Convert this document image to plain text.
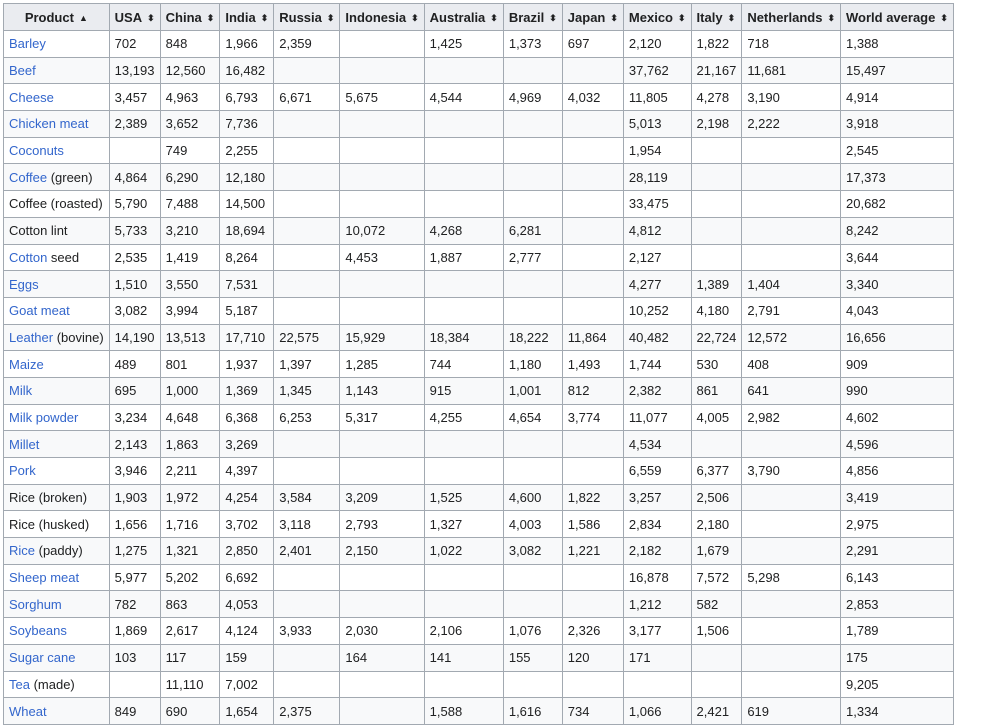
Product ▲	USA ⬍	China ⬍	India ⬍	Russia ⬍	Indonesia ⬍	Australia ⬍	Brazil ⬍	Japan ⬍	Mexico ⬍	Italy ⬍	Netherlands ⬍	World average ⬍
Barley	702	848	1,966	2,359		1,425	1,373	697	2,120	1,822	718	1,388
Beef	13,193	12,560	16,482						37,762	21,167	11,681	15,497
Cheese	3,457	4,963	6,793	6,671	5,675	4,544	4,969	4,032	11,805	4,278	3,190	4,914
Chicken meat	2,389	3,652	7,736						5,013	2,198	2,222	3,918
Coconuts		749	2,255						1,954			2,545
Coffee (green)	4,864	6,290	12,180						28,119			17,373
Coffee (roasted)	5,790	7,488	14,500						33,475			20,682
Cotton lint	5,733	3,210	18,694		10,072	4,268	6,281		4,812			8,242
Cotton seed	2,535	1,419	8,264		4,453	1,887	2,777		2,127			3,644
Eggs	1,510	3,550	7,531						4,277	1,389	1,404	3,340
Goat meat	3,082	3,994	5,187						10,252	4,180	2,791	4,043
Leather (bovine)	14,190	13,513	17,710	22,575	15,929	18,384	18,222	11,864	40,482	22,724	12,572	16,656
Maize	489	801	1,937	1,397	1,285	744	1,180	1,493	1,744	530	408	909
Milk	695	1,000	1,369	1,345	1,143	915	1,001	812	2,382	861	641	990
Milk powder	3,234	4,648	6,368	6,253	5,317	4,255	4,654	3,774	11,077	4,005	2,982	4,602
Millet	2,143	1,863	3,269						4,534			4,596
Pork	3,946	2,211	4,397						6,559	6,377	3,790	4,856
Rice (broken)	1,903	1,972	4,254	3,584	3,209	1,525	4,600	1,822	3,257	2,506		3,419
Rice (husked)	1,656	1,716	3,702	3,118	2,793	1,327	4,003	1,586	2,834	2,180		2,975
Rice (paddy)	1,275	1,321	2,850	2,401	2,150	1,022	3,082	1,221	2,182	1,679		2,291
Sheep meat	5,977	5,202	6,692						16,878	7,572	5,298	6,143
Sorghum	782	863	4,053						1,212	582		2,853
Soybeans	1,869	2,617	4,124	3,933	2,030	2,106	1,076	2,326	3,177	1,506		1,789
Sugar cane	103	117	159		164	141	155	120	171			175
Tea (made)		11,110	7,002									9,205
Wheat	849	690	1,654	2,375		1,588	1,616	734	1,066	2,421	619	1,334
